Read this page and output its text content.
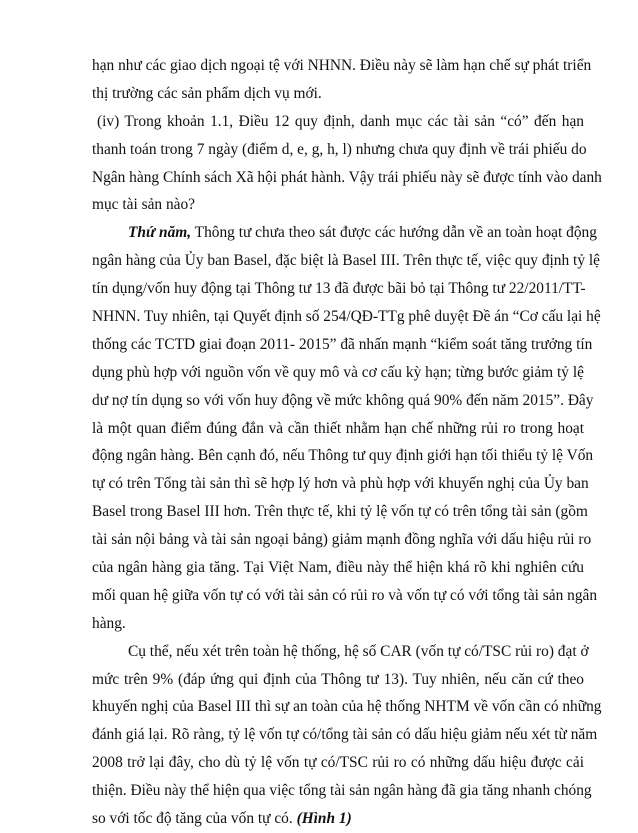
hạn như các giao dịch ngoại tệ với NHNN. Điều này sẽ làm hạn chế sự phát triển
thị trường các sản phẩm dịch vụ mới.
(iv) Trong khoản 1.1, Điều 12 quy định, danh mục các tài sản “có” đến hạn
thanh toán trong 7 ngày (điểm d, e, g, h, l) nhưng chưa quy định về trái phiếu do
Ngân hàng Chính sách Xã hội phát hành. Vậy trái phiếu này sẽ được tính vào danh
mục tài sản nào?
Thứ năm, Thông tư chưa theo sát được các hướng dẫn về an toàn hoạt động
ngân hàng của Ủy ban Basel, đặc biệt là Basel III. Trên thực tế, việc quy định tỷ lệ
tín dụng/vốn huy động tại Thông tư 13 đã được bãi bỏ tại Thông tư 22/2011/TT-
NHNN. Tuy nhiên, tại Quyết định số 254/QĐ-TTg phê duyệt Đề án “Cơ cấu lại hệ
thống các TCTD giai đoạn 2011- 2015” đã nhấn mạnh “kiểm soát tăng trưởng tín
dụng phù hợp với nguồn vốn về quy mô và cơ cấu kỳ hạn; từng bước giảm tỷ lệ
dư nợ tín dụng so với vốn huy động về mức không quá 90% đến năm 2015”. Đây
là một quan điểm đúng đắn và cần thiết nhằm hạn chế những rủi ro trong hoạt
động ngân hàng. Bên cạnh đó, nếu Thông tư quy định giới hạn tối thiểu tỷ lệ Vốn
tự có trên Tổng tài sản thì sẽ hợp lý hơn và phù hợp với khuyến nghị của Ủy ban
Basel trong Basel III hơn. Trên thực tế, khi tỷ lệ vốn tự có trên tổng tài sản (gồm
tài sản nội bảng và tài sản ngoại bảng) giảm mạnh đồng nghĩa với dấu hiệu rủi ro
của ngân hàng gia tăng. Tại Việt Nam, điều này thể hiện khá rõ khi nghiên cứu
mối quan hệ giữa vốn tự có với tài sản có rủi ro và vốn tự có với tổng tài sản ngân
hàng.
Cụ thể, nếu xét trên toàn hệ thống, hệ số CAR (vốn tự có/TSC rủi ro) đạt ở
mức trên 9% (đáp ứng qui định của Thông tư 13). Tuy nhiên, nếu căn cứ theo
khuyến nghị của Basel III thì sự an toàn của hệ thống NHTM về vốn cần có những
đánh giá lại. Rõ ràng, tỷ lệ vốn tự có/tổng tài sản có dấu hiệu giảm nếu xét từ năm
2008 trở lại đây, cho dù tỷ lệ vốn tự có/TSC rủi ro có những dấu hiệu được cải
thiện. Điều này thể hiện qua việc tổng tài sản ngân hàng đã gia tăng nhanh chóng
so với tốc độ tăng của vốn tự có. (Hình 1)
